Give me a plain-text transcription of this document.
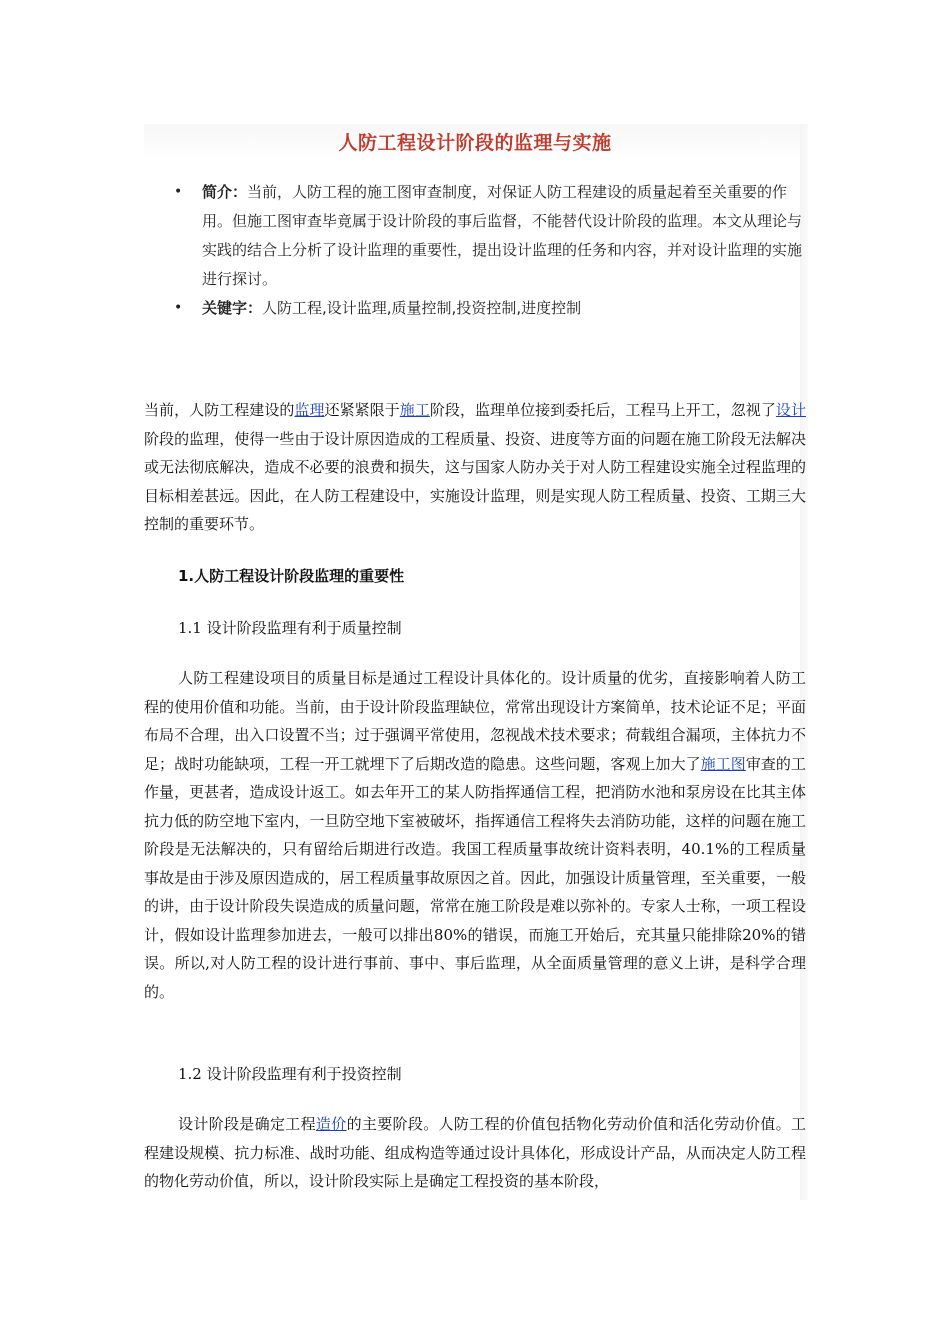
人防工程设计阶段的监理与实施
• 简介：当前，人防工程的施工图审查制度，对保证人防工程建设的质量起着至关重要的作用。但施工图审查毕竟属于设计阶段的事后监督，不能替代设计阶段的监理。本文从理论与实践的结合上分析了设计监理的重要性，提出设计监理的任务和内容，并对设计监理的实施进行探讨。
• 关键字：人防工程,设计监理,质量控制,投资控制,进度控制

当前，人防工程建设的监理还紧紧限于施工阶段，监理单位接到委托后，工程马上开工，忽视了设计阶段的监理，使得一些由于设计原因造成的工程质量、投资、进度等方面的问题在施工阶段无法解决或无法彻底解决，造成不必要的浪费和损失，这与国家人防办关于对人防工程建设实施全过程监理的目标相差甚远。因此，在人防工程建设中，实施设计监理，则是实现人防工程质量、投资、工期三大控制的重要环节。

1.人防工程设计阶段监理的重要性
1.1 设计阶段监理有利于质量控制

人防工程建设项目的质量目标是通过工程设计具体化的。设计质量的优劣，直接影响着人防工程的使用价值和功能。当前，由于设计阶段监理缺位，常常出现设计方案简单，技术论证不足；平面布局不合理，出入口设置不当；过于强调平常使用，忽视战术技术要求；荷载组合漏项，主体抗力不足；战时功能缺项，工程一开工就埋下了后期改造的隐患。这些问题，客观上加大了施工图审查的工作量，更甚者，造成设计返工。如去年开工的某人防指挥通信工程，把消防水池和泵房设在比其主体抗力低的防空地下室内，一旦防空地下室被破坏，指挥通信工程将失去消防功能，这样的问题在施工阶段是无法解决的，只有留给后期进行改造。我国工程质量事故统计资料表明，40.1%的工程质量事故是由于涉及原因造成的，居工程质量事故原因之首。因此，加强设计质量管理，至关重要，一般的讲，由于设计阶段失误造成的质量问题，常常在施工阶段是难以弥补的。专家人士称，一项工程设计，假如设计监理参加进去，一般可以排出80%的错误，而施工开始后，充其量只能排除20%的错误。所以,对人防工程的设计进行事前、事中、事后监理，从全面质量管理的意义上讲，是科学合理的。

1.2 设计阶段监理有利于投资控制

设计阶段是确定工程造价的主要阶段。人防工程的价值包括物化劳动价值和活化劳动价值。工程建设规模、抗力标准、战时功能、组成构造等通过设计具体化，形成设计产品，从而决定人防工程的物化劳动价值，所以，设计阶段实际上是确定工程投资的基本阶段，
